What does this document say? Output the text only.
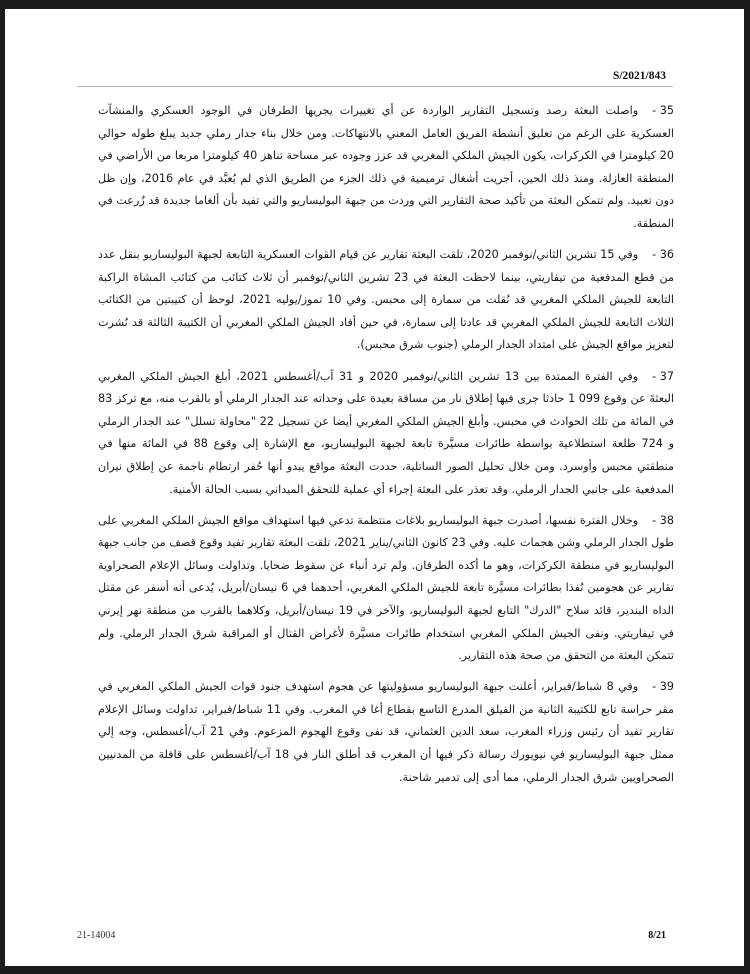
S/2021/843

35 -واصلت البعثة رصد وتسجيل التقارير الواردة عن أي تغييرات يجريها الطرفان في الوجود العسكري والمنشآت العسكرية على الرغم من تعليق أنشطة الفريق العامل المعني بالانتهاكات. ومن خلال بناء جدار رملي جديد يبلغ طوله حوالي 20 كيلومترا في الكركرات، يكون الجيش الملكي المغربي قد عزز وجوده عبر مساحة تناهز 40 كيلومترا مربعا من الأراضي في المنطقة العازلة. ومنذ ذلك الحين، أجريت أشغال ترميمية في ذلك الجزء من الطريق الذي لم يُعبَّد في عام 2016، وإن ظل دون تعبيد. ولم تتمكن البعثة من تأكيد صحة التقارير التي وردت من جبهة البوليساريو والتي تفيد بأن ألغاما جديدة قد زُرعت في المنطقة.

36 -وفي 15 تشرين الثاني/نوفمبر 2020، تلقت البعثة تقارير عن قيام القوات العسكرية التابعة لجبهة البوليساريو بنقل عدد من قطع المدفعية من تيفاريتي، بينما لاحظت البعثة في 23 تشرين الثاني/نوفمبر أن ثلاث كتائب من كتائب المشاة الراكبة التابعة للجيش الملكي المغربي قد نُقلت من سمارة إلى محبس. وفي 10 تموز/يوليه 2021، لوحظ أن كتيبتين من الكتائب الثلاث التابعة للجيش الملكي المغربي قد عادتا إلى سمارة، في حين أفاد الجيش الملكي المغربي أن الكتيبة الثالثة قد نُشرت لتعزيز مواقع الجيش على امتداد الجدار الرملي (جنوب شرق محبس).

37 -وفي الفترة الممتدة بين 13 تشرين الثاني/نوفمبر 2020 و 31 آب/أغسطس 2021، أبلغ الجيش الملكي المغربي البعثةَ عن وقوع 099 1 حادثا جرى فيها إطلاق نار من مسافة بعيدة على وحداته عند الجدار الرملي أو بالقرب منه، مع تركز 83 في المائة من تلك الحوادث في محبس. وأبلغ الجيش الملكي المغربي أيضا عن تسجيل 22 "محاولة تسلل" عند الجدار الرملي و 724 طلعة استطلاعية بواسطة طائرات مسيَّرة تابعة لجبهة البوليساريو، مع الإشارة إلى وقوع 88 في المائة منها في منطقتي محبس وأوسرد. ومن خلال تحليل الصور الساتلية، حددت البعثة مواقع يبدو أنها حُفر ارتطام ناجمة عن إطلاق نيران المدفعية على جانبي الجدار الرملي. وقد تعذر على البعثة إجراء أي عملية للتحقق الميداني بسبب الحالة الأمنية.

38 -وخلال الفترة نفسها، أصدرت جبهة البوليساريو بلاغات منتظمة تدعي فيها استهداف مواقع الجيش الملكي المغربي على طول الجدار الرملي وشن هجمات عليه. وفي 23 كانون الثاني/يناير 2021، تلقت البعثة تقارير تفيد وقوع قصف من جانب جبهة البوليساريو في منطقة الكركرات، وهو ما أكده الطرفان. ولم ترد أنباء عن سقوط ضحايا. وتداولت وسائل الإعلام الصحراوية تقارير عن هجومين نُفذا بطائرات مسيَّرة تابعة للجيش الملكي المغربي، أحدهما في 6 نيسان/أبريل، يُدعى أنه أسفر عن مقتل الداه البندير، قائد سلاح "الدرك" التابع لجبهة البوليساريو، والآخر في 19 نيسان/أبريل، وكلاهما بالقرب من منطقة نهر إيرني في تيفاريتي. ونفى الجيش الملكي المغربي استخدام طائرات مسيَّرة لأغراض القتال أو المراقبة شرق الجدار الرملي. ولم تتمكن البعثة من التحقق من صحة هذه التقارير.

39 -وفي 8 شباط/فبراير، أعلنت جبهة البوليساريو مسؤوليتها عن هجوم استهدف جنود قوات الجيش الملكي المغربي في مقر حراسة تابع للكتيبة الثانية من الفيلق المدرع التاسع بقطاع أغا في المغرب. وفي 11 شباط/فبراير، تداولت وسائل الإعلام تقارير تفيد أن رئيس وزراء المغرب، سعد الدين العثماني، قد نفى وقوع الهجوم المزعوم. وفي 21 آب/أغسطس، وجه إلي ممثل جبهة البوليساريو في نيويورك رسالة ذكر فيها أن المغرب قد أطلق النار في 18 آب/أغسطس على قافلة من المدنيين الصحراويين شرق الجدار الرملي، مما أدى إلى تدمير شاحنة.

21-14004	8/21
